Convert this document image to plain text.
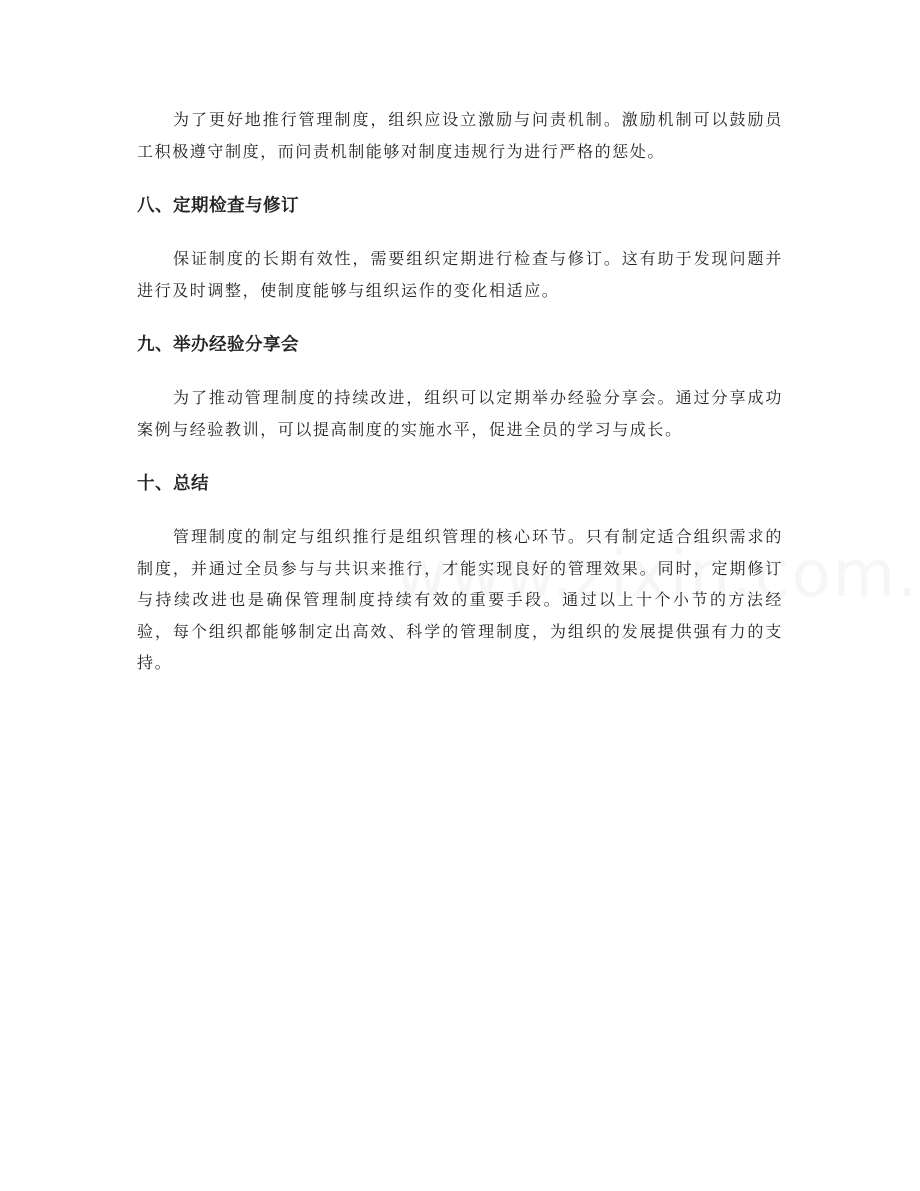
为了更好地推行管理制度，组织应设立激励与问责机制。激励机制可以鼓励员工积极遵守制度，而问责机制能够对制度违规行为进行严格的惩处。

八、定期检查与修订

保证制度的长期有效性，需要组织定期进行检查与修订。这有助于发现问题并进行及时调整，使制度能够与组织运作的变化相适应。

九、举办经验分享会

为了推动管理制度的持续改进，组织可以定期举办经验分享会。通过分享成功案例与经验教训，可以提高制度的实施水平，促进全员的学习与成长。

十、总结

管理制度的制定与组织推行是组织管理的核心环节。只有制定适合组织需求的制度，并通过全员参与与共识来推行，才能实现良好的管理效果。同时，定期修订与持续改进也是确保管理制度持续有效的重要手段。通过以上十个小节的方法经验，每个组织都能够制定出高效、科学的管理制度，为组织的发展提供强有力的支持。
